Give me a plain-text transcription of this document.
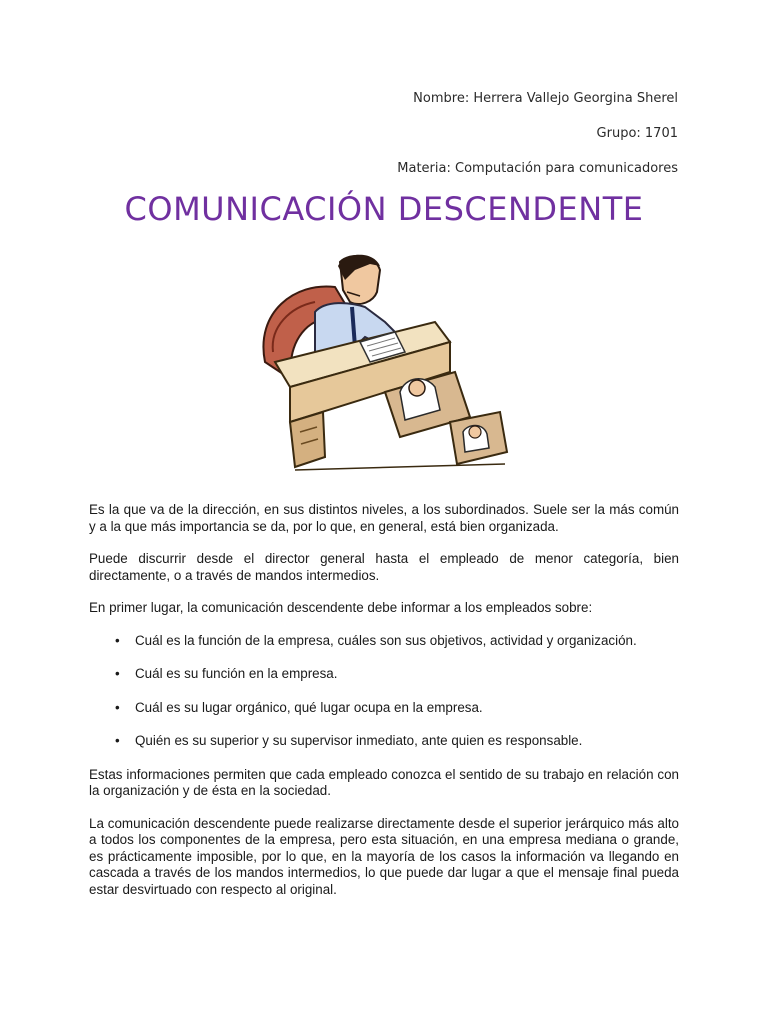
Nombre: Herrera Vallejo Georgina Sherel
Grupo: 1701
Materia: Computación para comunicadores
COMUNICACIÓN DESCENDENTE

Es la que va de la dirección, en sus distintos niveles, a los subordinados. Suele ser la más común y a la que más importancia se da, por lo que, en general, está bien organizada.

Puede discurrir desde el director general hasta el empleado de menor categoría, bien directamente, o a través de mandos intermedios.

En primer lugar, la comunicación descendente debe informar a los empleados sobre:

• Cuál es la función de la empresa, cuáles son sus objetivos, actividad y organización.
• Cuál es su función en la empresa.
• Cuál es su lugar orgánico, qué lugar ocupa en la empresa.
• Quién es su superior y su supervisor inmediato, ante quien es responsable.

Estas informaciones permiten que cada empleado conozca el sentido de su trabajo en relación con la organización y de ésta en la sociedad.

La comunicación descendente puede realizarse directamente desde el superior jerárquico más alto a todos los componentes de la empresa, pero esta situación, en una empresa mediana o grande, es prácticamente imposible, por lo que, en la mayoría de los casos la información va llegando en cascada a través de los mandos intermedios, lo que puede dar lugar a que el mensaje final pueda estar desvirtuado con respecto al original.
